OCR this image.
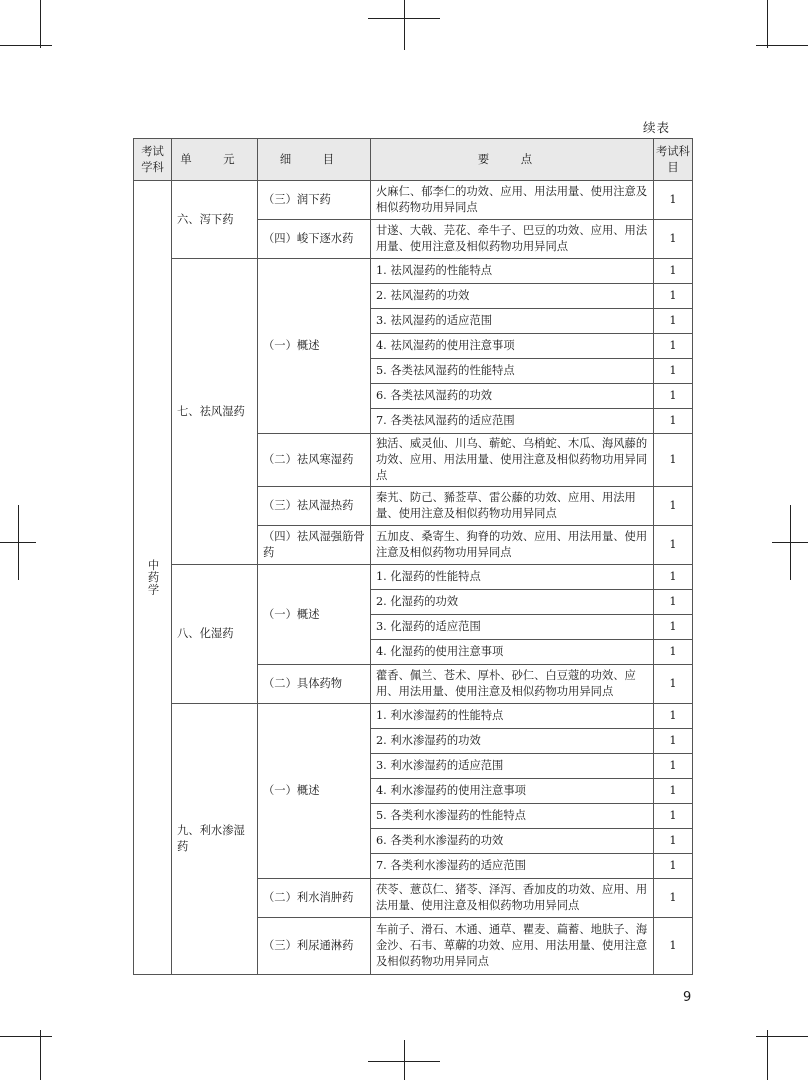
续表
考试学科	单 元	细 目	要 点	考试科目
中药学	六、泻下药	（三）润下药	火麻仁、郁李仁的功效、应用、用法用量、使用注意及相似药物功用异同点	1
		（四）峻下逐水药	甘遂、大戟、芫花、牵牛子、巴豆的功效、应用、用法用量、使用注意及相似药物功用异同点	1
	七、祛风湿药	（一）概述	1. 祛风湿药的性能特点	1
			2. 祛风湿药的功效	1
			3. 祛风湿药的适应范围	1
			4. 祛风湿药的使用注意事项	1
			5. 各类祛风湿药的性能特点	1
			6. 各类祛风湿药的功效	1
			7. 各类祛风湿药的适应范围	1
		（二）祛风寒湿药	独活、威灵仙、川乌、蕲蛇、乌梢蛇、木瓜、海风藤的功效、应用、用法用量、使用注意及相似药物功用异同点	1
		（三）祛风湿热药	秦艽、防己、豨莶草、雷公藤的功效、应用、用法用量、使用注意及相似药物功用异同点	1
		（四）祛风湿强筋骨药	五加皮、桑寄生、狗脊的功效、应用、用法用量、使用注意及相似药物功用异同点	1
	八、化湿药	（一）概述	1. 化湿药的性能特点	1
			2. 化湿药的功效	1
			3. 化湿药的适应范围	1
			4. 化湿药的使用注意事项	1
		（二）具体药物	藿香、佩兰、苍术、厚朴、砂仁、白豆蔻的功效、应用、用法用量、使用注意及相似药物功用异同点	1
	九、利水渗湿药	（一）概述	1. 利水渗湿药的性能特点	1
			2. 利水渗湿药的功效	1
			3. 利水渗湿药的适应范围	1
			4. 利水渗湿药的使用注意事项	1
			5. 各类利水渗湿药的性能特点	1
			6. 各类利水渗湿药的功效	1
			7. 各类利水渗湿药的适应范围	1
		（二）利水消肿药	茯苓、薏苡仁、猪苓、泽泻、香加皮的功效、应用、用法用量、使用注意及相似药物功用异同点	1
		（三）利尿通淋药	车前子、滑石、木通、通草、瞿麦、萹蓄、地肤子、海金沙、石韦、萆薢的功效、应用、用法用量、使用注意及相似药物功用异同点	1
9
